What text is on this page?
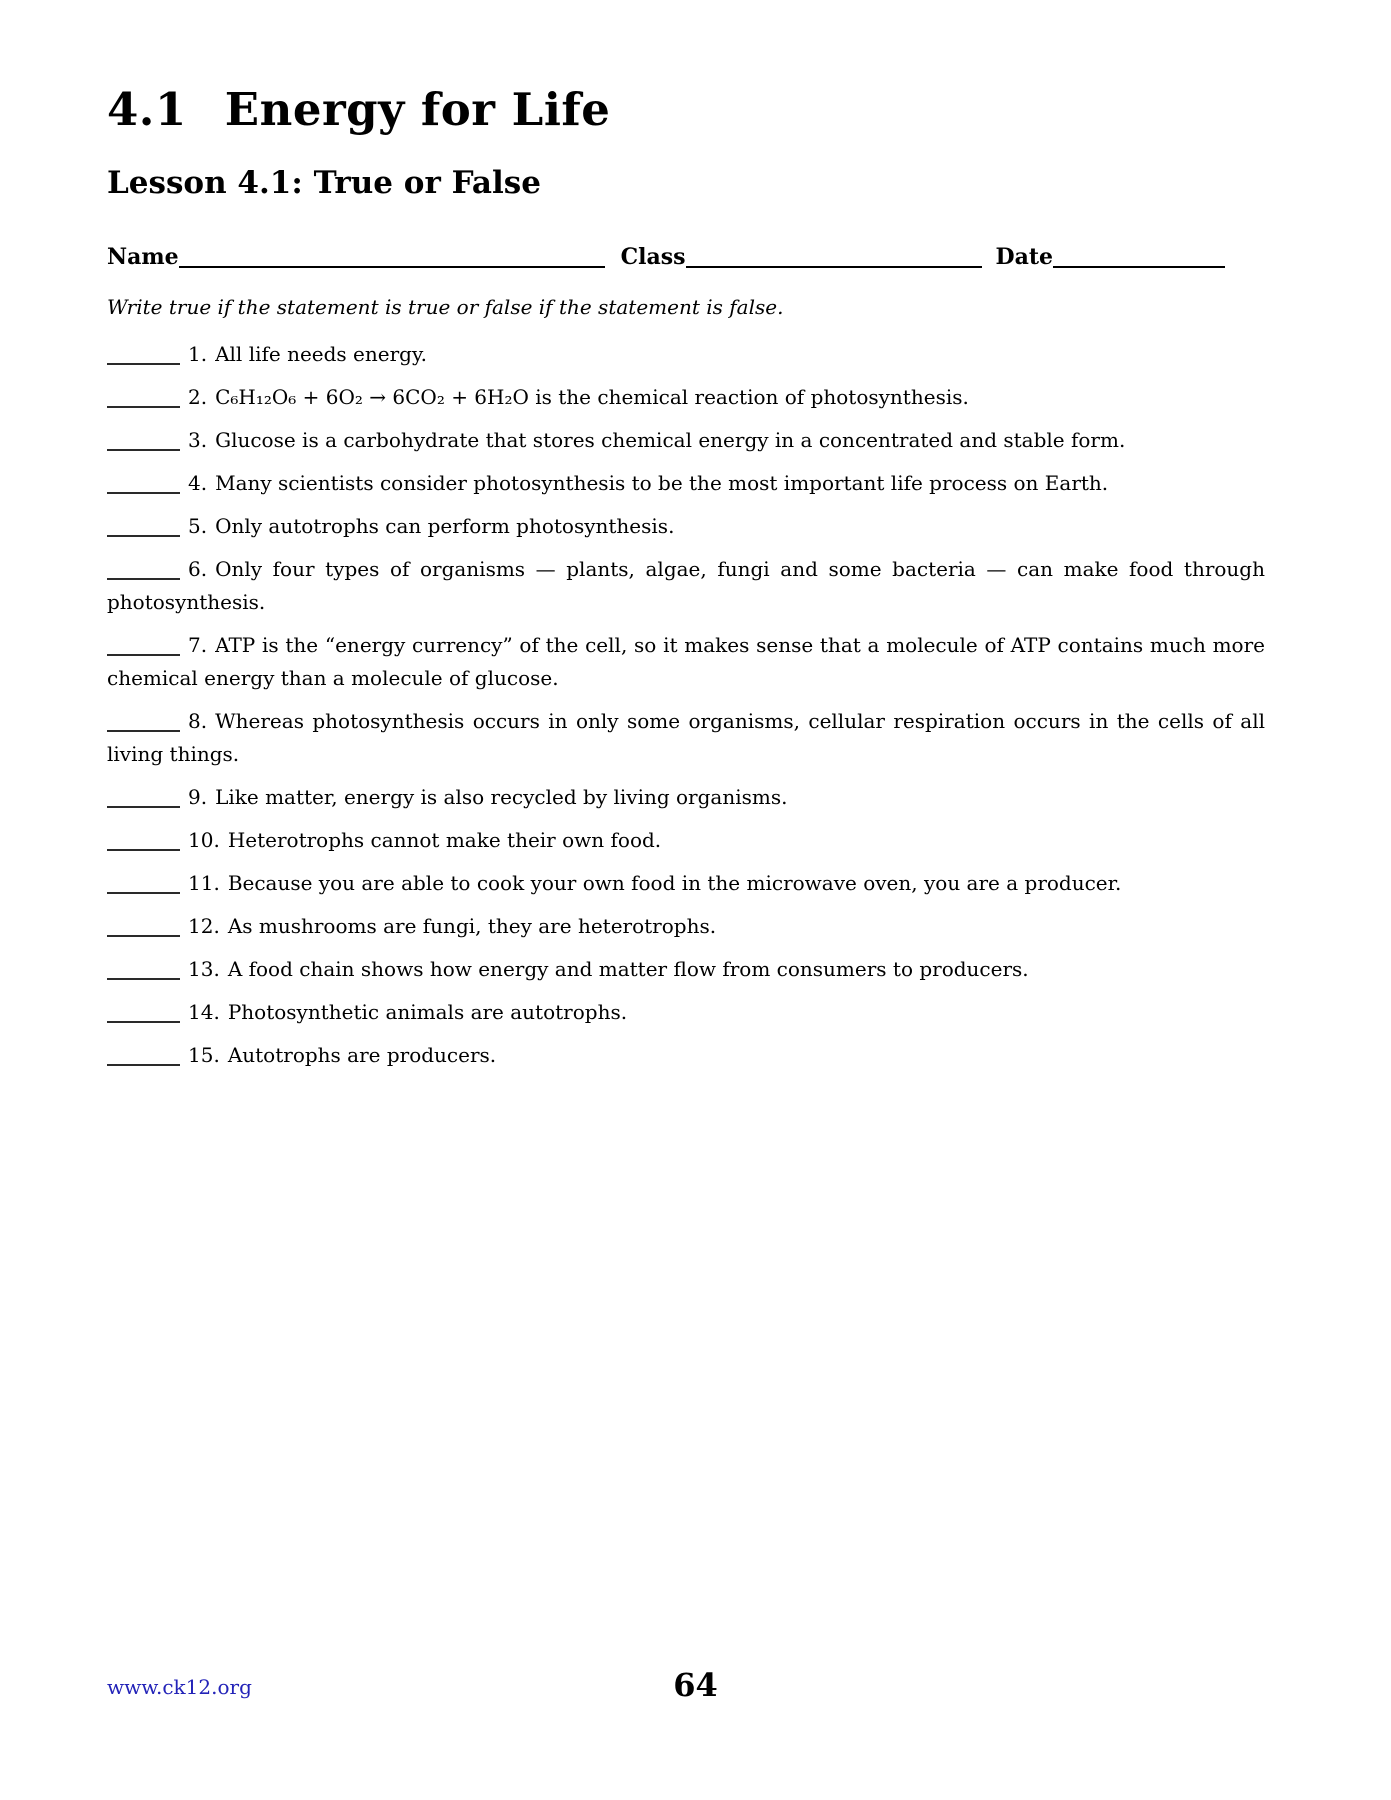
4.1 Energy for Life
Lesson 4.1: True or False
Name	Class	Date

Write true if the statement is true or false if the statement is false.

1. All life needs energy.

2. C₆H₁₂O₆ + 6O₂ → 6CO₂ + 6H₂O is the chemical reaction of photosynthesis.

3. Glucose is a carbohydrate that stores chemical energy in a concentrated and stable form.

4. Many scientists consider photosynthesis to be the most important life process on Earth.

5. Only autotrophs can perform photosynthesis.

6. Only four types of organisms — plants, algae, fungi and some bacteria — can make food through photosynthesis.

7. ATP is the “energy currency” of the cell, so it makes sense that a molecule of ATP contains much more chemical energy than a molecule of glucose.

8. Whereas photosynthesis occurs in only some organisms, cellular respiration occurs in the cells of all living things.

9. Like matter, energy is also recycled by living organisms.

10. Heterotrophs cannot make their own food.

11. Because you are able to cook your own food in the microwave oven, you are a producer.

12. As mushrooms are fungi, they are heterotrophs.

13. A food chain shows how energy and matter flow from consumers to producers.

14. Photosynthetic animals are autotrophs.

15. Autotrophs are producers.

www.ck12.org	64
